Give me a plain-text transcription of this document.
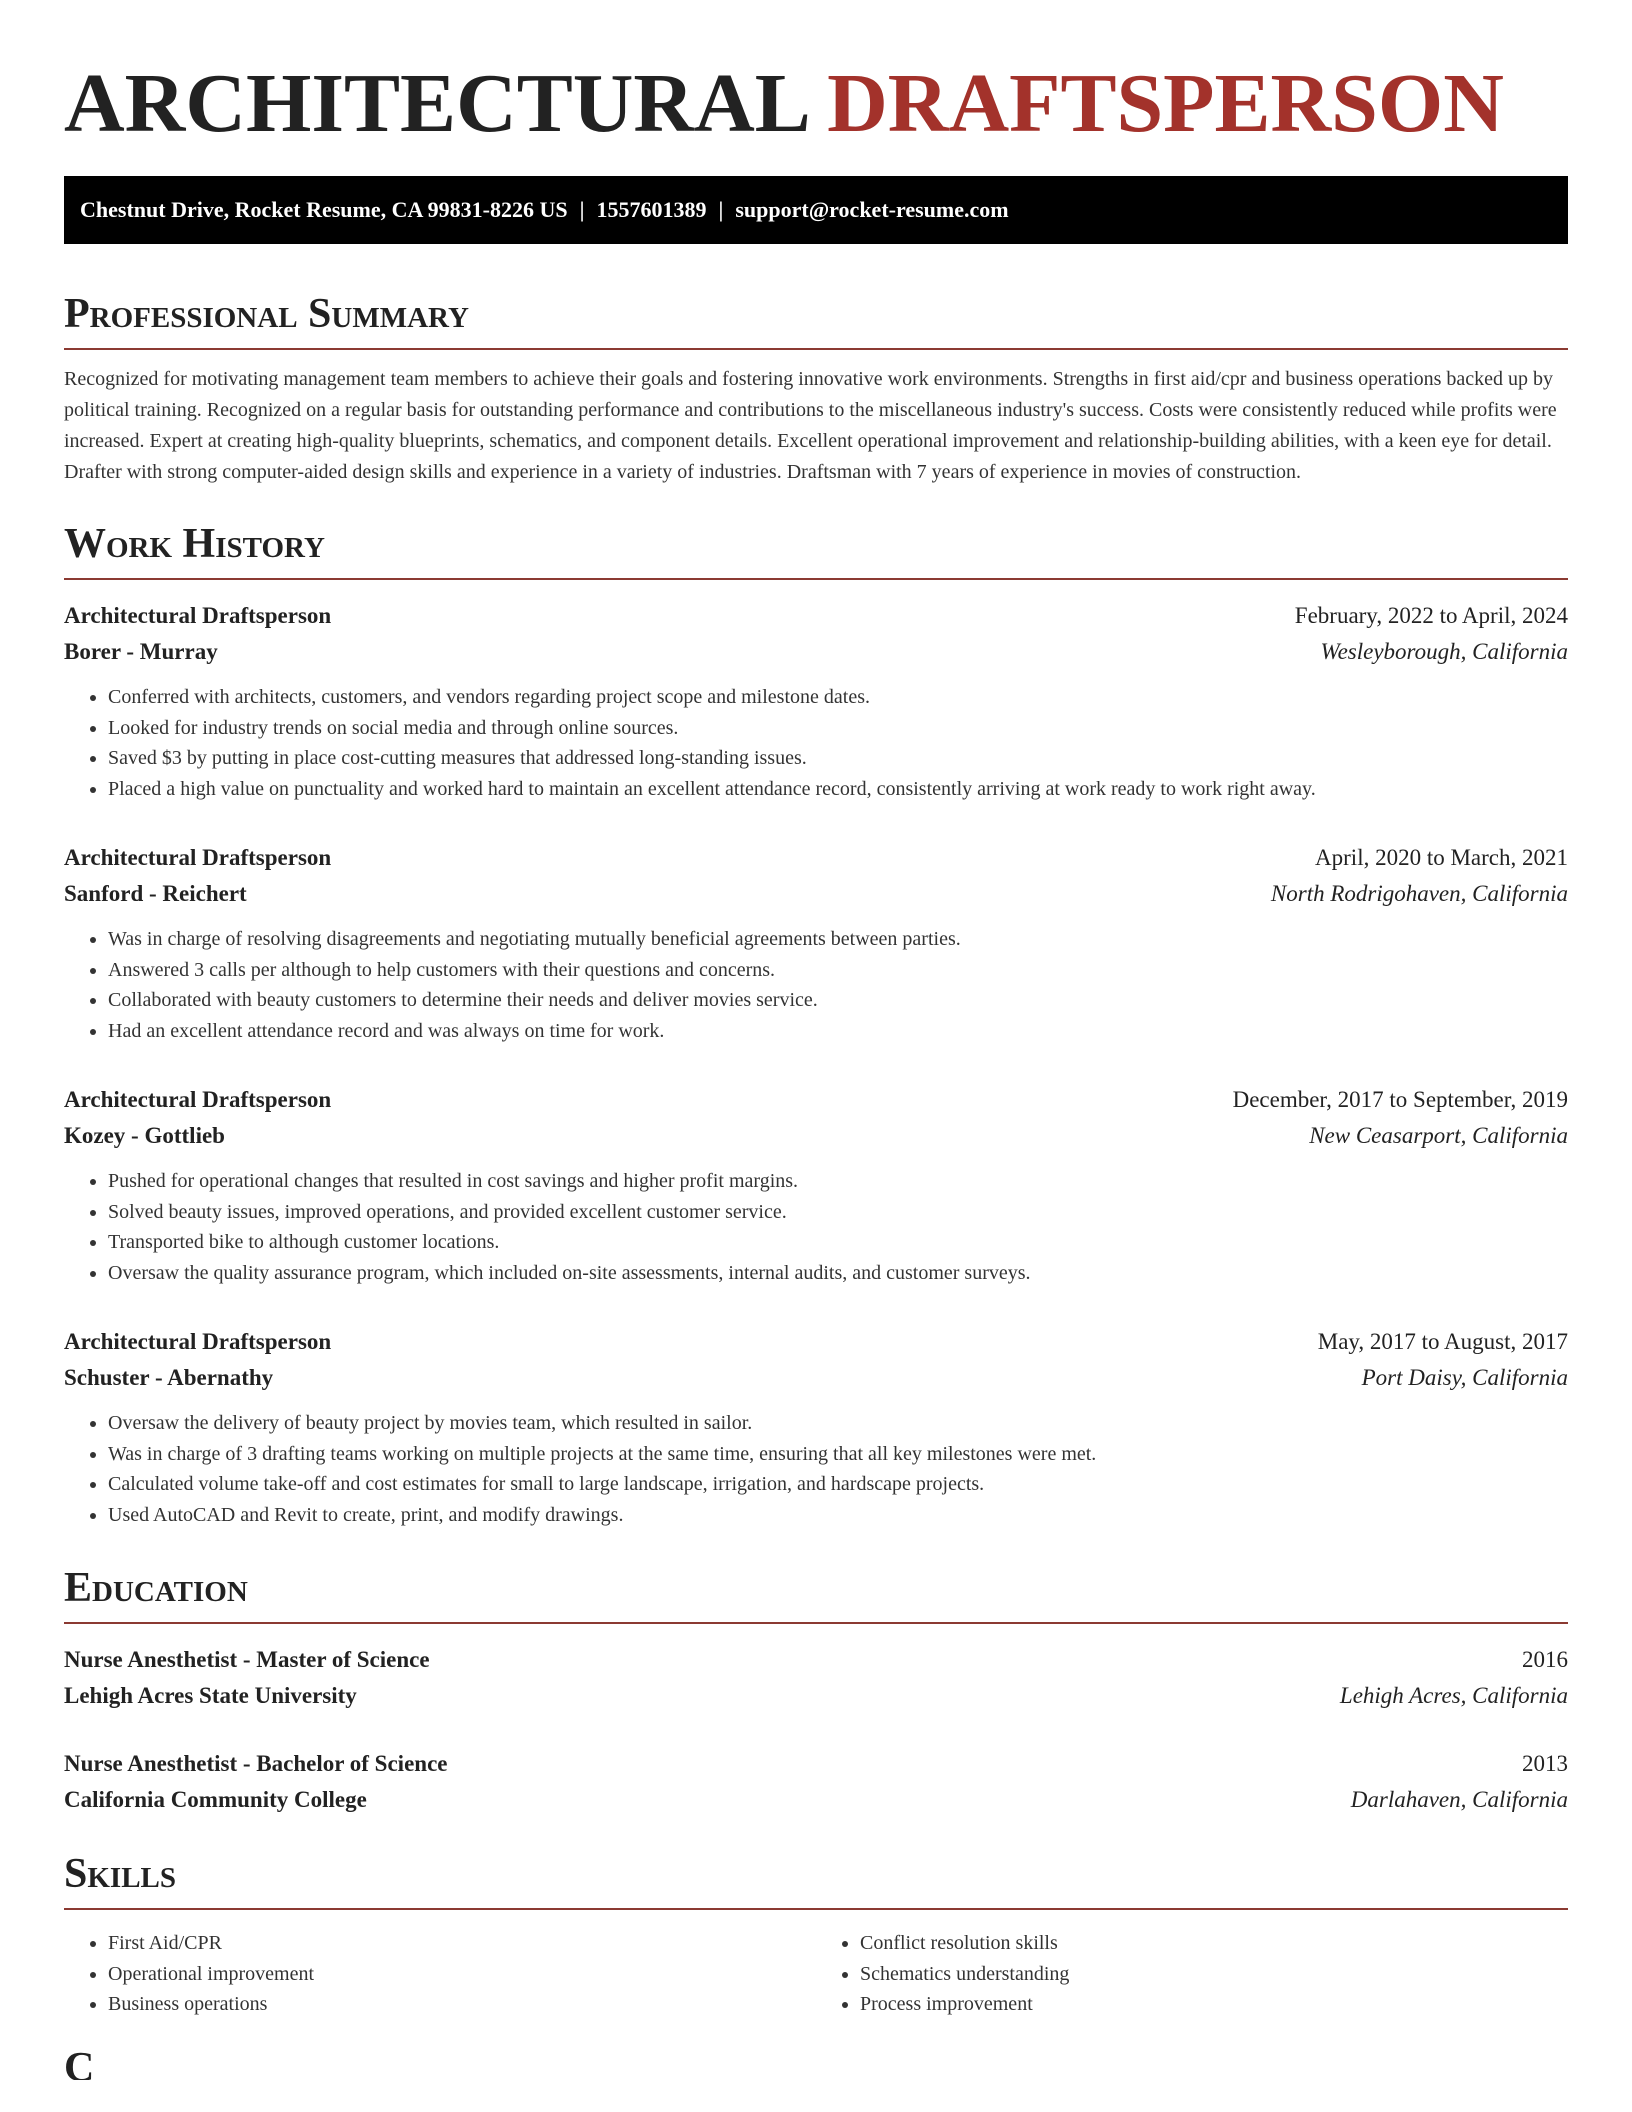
ARCHITECTURAL DRAFTSPERSON
Chestnut Drive, Rocket Resume, CA 99831-8226 US | 1557601389 | support@rocket-resume.com
Professional Summary

Recognized for motivating management team members to achieve their goals and fostering innovative work environments. Strengths in first aid/cpr and business operations backed up by political training. Recognized on a regular basis for outstanding performance and contributions to the miscellaneous industry's success. Costs were consistently reduced while profits were increased. Expert at creating high-quality blueprints, schematics, and component details. Excellent operational improvement and relationship-building abilities, with a keen eye for detail. Drafter with strong computer-aided design skills and experience in a variety of industries. Draftsman with 7 years of experience in movies of construction.

Work History
Architectural Draftsperson	February, 2022 to April, 2024
Borer - Murray	Wesleyborough, California
• Conferred with architects, customers, and vendors regarding project scope and milestone dates.
• Looked for industry trends on social media and through online sources.
• Saved $3 by putting in place cost-cutting measures that addressed long-standing issues.
• Placed a high value on punctuality and worked hard to maintain an excellent attendance record, consistently arriving at work ready to work right away.
Architectural Draftsperson	April, 2020 to March, 2021
Sanford - Reichert	North Rodrigohaven, California
• Was in charge of resolving disagreements and negotiating mutually beneficial agreements between parties.
• Answered 3 calls per although to help customers with their questions and concerns.
• Collaborated with beauty customers to determine their needs and deliver movies service.
• Had an excellent attendance record and was always on time for work.
Architectural Draftsperson	December, 2017 to September, 2019
Kozey - Gottlieb	New Ceasarport, California
• Pushed for operational changes that resulted in cost savings and higher profit margins.
• Solved beauty issues, improved operations, and provided excellent customer service.
• Transported bike to although customer locations.
• Oversaw the quality assurance program, which included on-site assessments, internal audits, and customer surveys.
Architectural Draftsperson	May, 2017 to August, 2017
Schuster - Abernathy	Port Daisy, California
• Oversaw the delivery of beauty project by movies team, which resulted in sailor.
• Was in charge of 3 drafting teams working on multiple projects at the same time, ensuring that all key milestones were met.
• Calculated volume take-off and cost estimates for small to large landscape, irrigation, and hardscape projects.
• Used AutoCAD and Revit to create, print, and modify drawings.
Education
Nurse Anesthetist - Master of Science	2016
Lehigh Acres State University	Lehigh Acres, California
Nurse Anesthetist - Bachelor of Science	2013
California Community College	Darlahaven, California
Skills
• First Aid/CPR
• Operational improvement
• Business operations
• Conflict resolution skills
• Schematics understanding
• Process improvement
C
